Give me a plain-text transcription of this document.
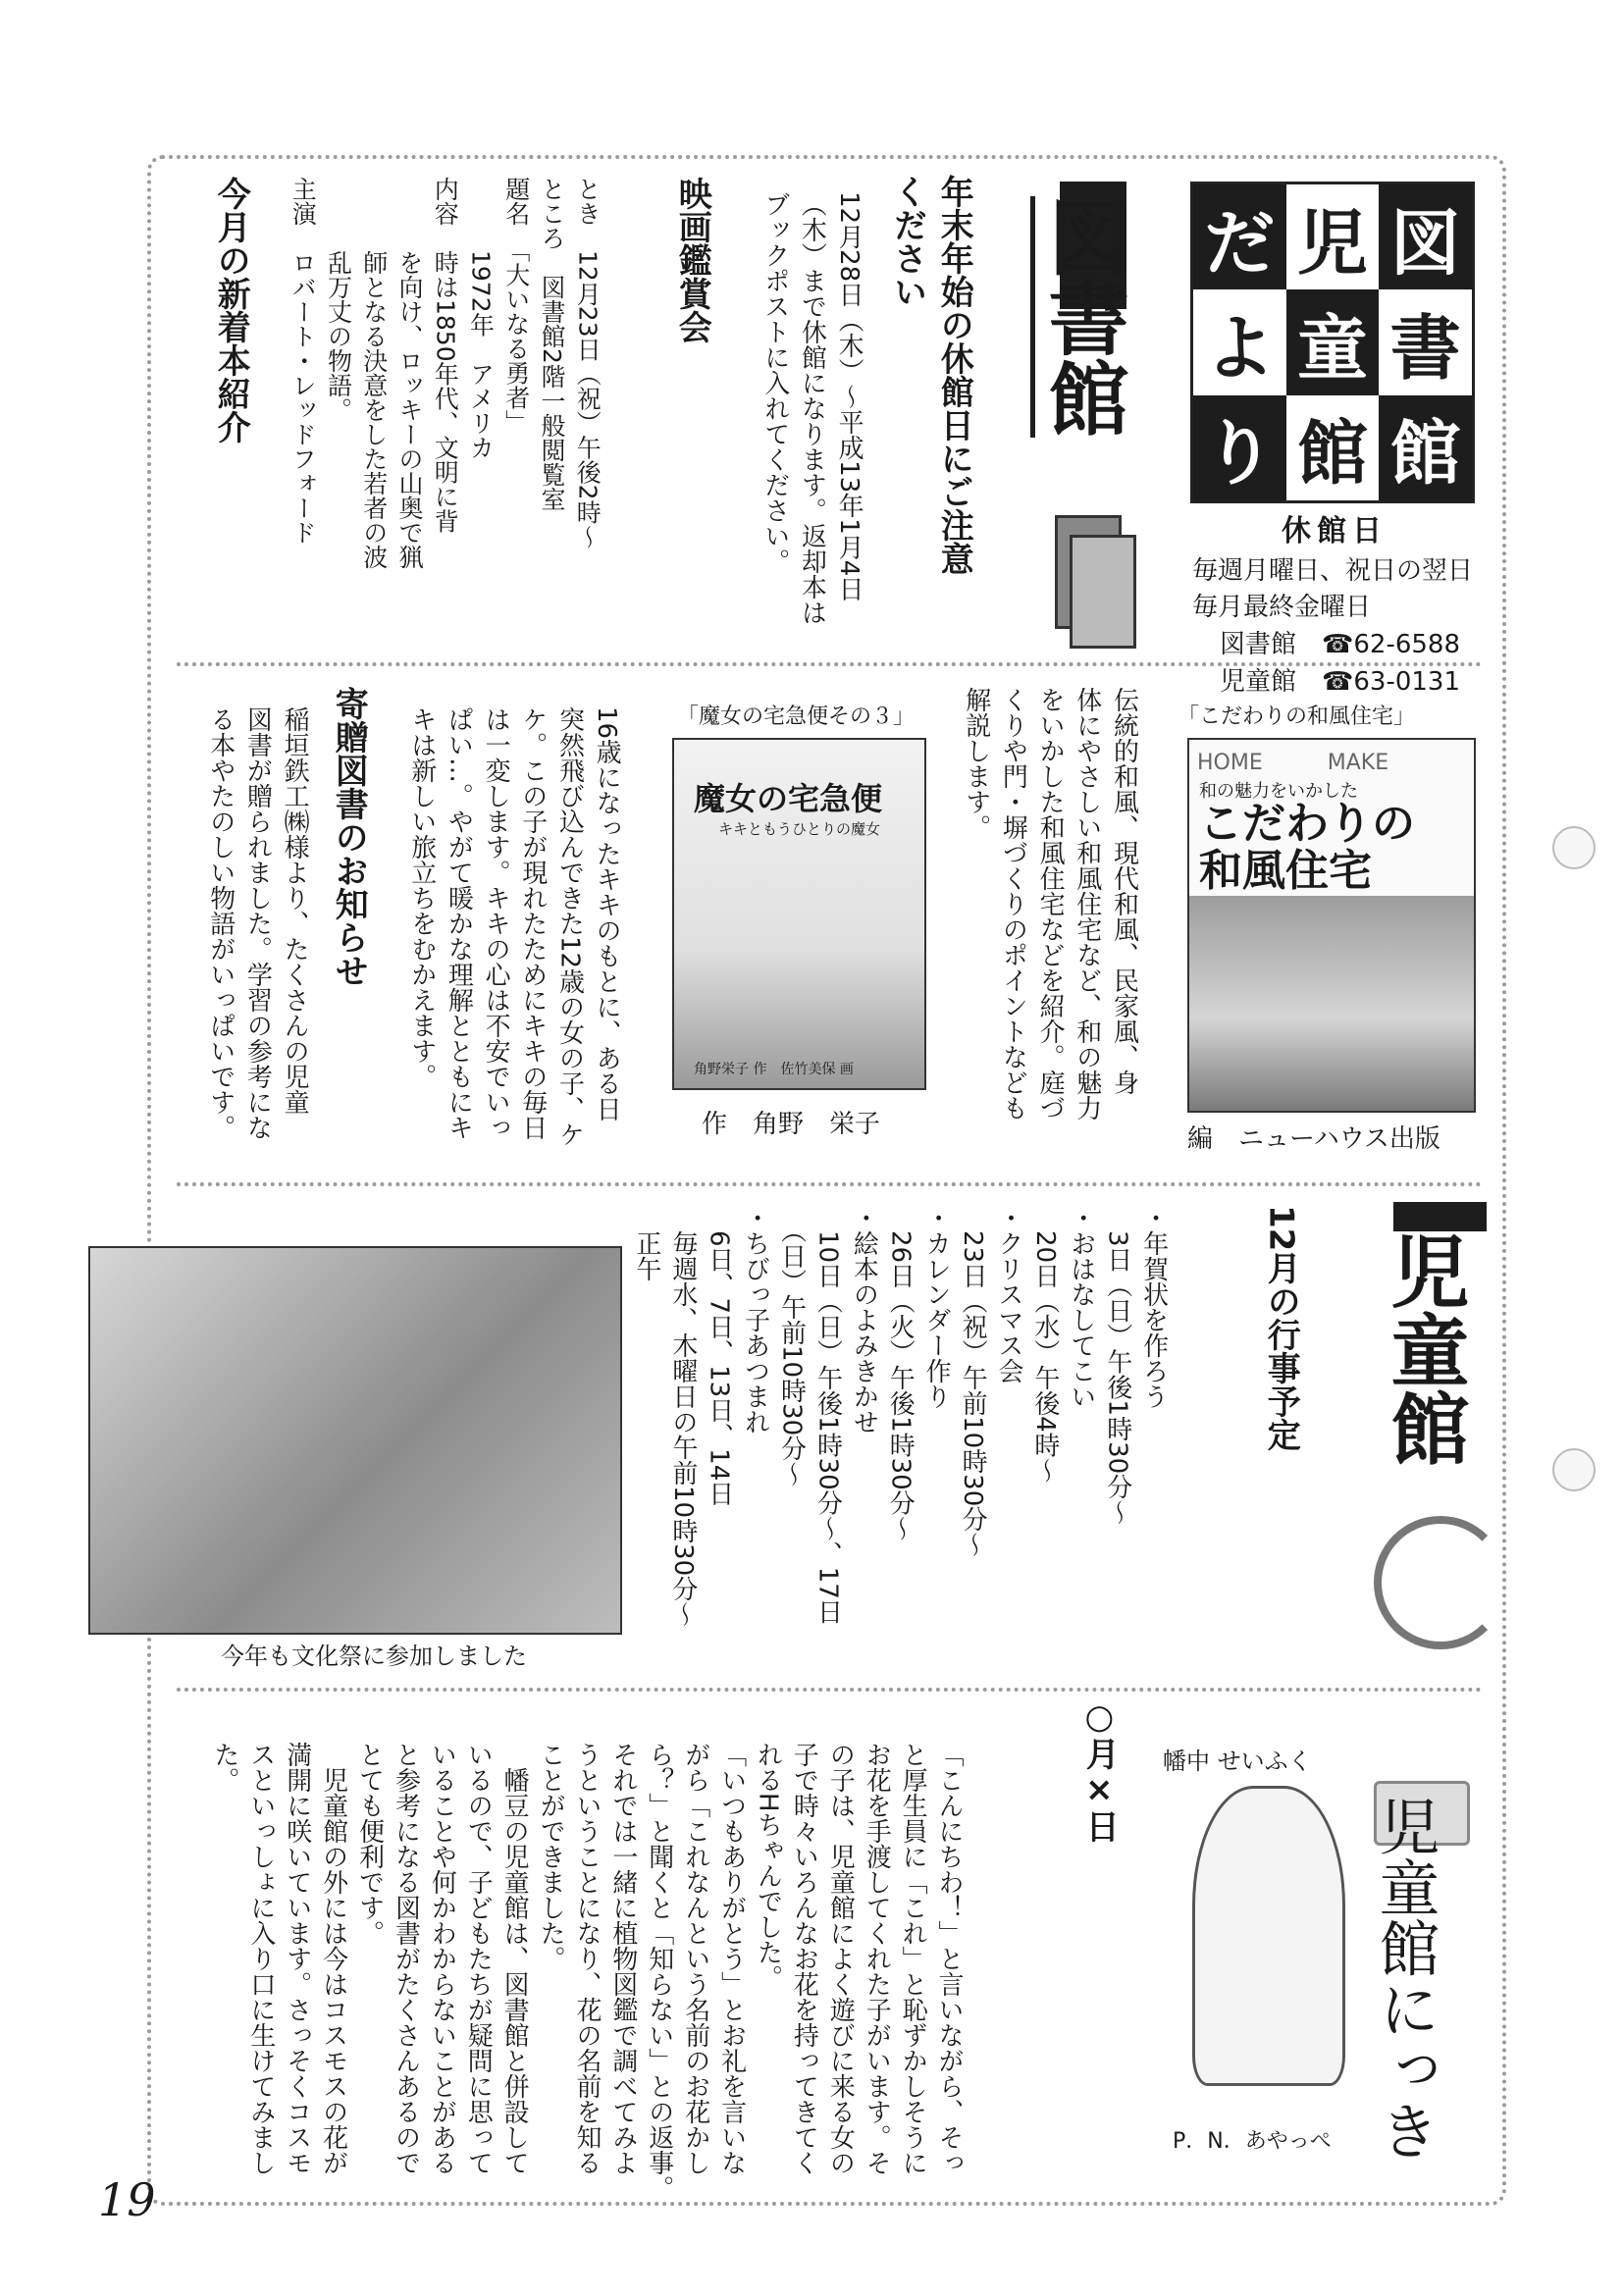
だ 児 図
よ 童 書
り 館 館
休館日
毎週月曜日、祝日の翌日
毎月最終金曜日
図書館　☎62-6588
児童館　☎63-0131
図書館
年末年始の休館日にご注意
ください
12月28日（木）〜平成13年1月4日
（木）まで休館になります。返却本は
ブックポストに入れてください。
映画鑑賞会
とき　12月23日（祝）午後2時〜
ところ　図書館2階一般閲覧室
題名　「大いなる勇者」
　　　1972年　アメリカ
内容　時は1850年代、文明に背
　　　を向け、ロッキーの山奥で猟
　　　師となる決意をした若者の波
　　　乱万丈の物語。
主演　ロバート・レッドフォード
今月の新着本紹介
「こだわりの和風住宅」
HOME　　　MAKE
和の魅力をいかした
こだわりの
和風住宅
編　ニューハウス出版
伝統的和風、現代和風、民家風、身
体にやさしい和風住宅など、和の魅力
をいかした和風住宅などを紹介。庭づ
くりや門・塀づくりのポイントなども
解説します。
「魔女の宅急便その３」
魔女の宅急便
キキともうひとりの魔女
角野栄子 作　佐竹美保 画
作　角野　栄子
16歳になったキキのもとに、ある日
突然飛び込んできた12歳の女の子、ケ
ケ。この子が現れたためにキキの毎日
は一変します。キキの心は不安でいっ
ぱい…。やがて暖かな理解とともにキ
キは新しい旅立ちをむかえます。
寄贈図書のお知らせ
稲垣鉄工㈱様より、たくさんの児童
図書が贈られました。学習の参考にな
る本やたのしい物語がいっぱいです。
児童館
12月の行事予定
・年賀状を作ろう
　3日（日）午後1時30分〜
・おはなしてこい
　20日（水）午後4時〜
・クリスマス会
　23日（祝）午前10時30分〜
・カレンダー作り
　26日（火）午後1時30分〜
・絵本のよみきかせ
　10日（日）午後1時30分〜、17日
　（日）午前10時30分〜
・ちびっ子あつまれ
　6日、7日、13日、14日
　毎週水、木曜日の午前10時30分〜
　正午
今年も文化祭に参加しました
児童館にっき
幡中 せいふく
P．N．あやっぺ
○月×日
「こんにちわ！」と言いながら、そっ
と厚生員に「これ」と恥ずかしそうに
お花を手渡してくれた子がいます。そ
の子は、児童館によく遊びに来る女の
子で時々いろんなお花を持ってきてく
れるHちゃんでした。
「いつもありがとう」とお礼を言いな
がら「これなんという名前のお花かし
ら？」と聞くと「知らない」との返事。
それでは一緒に植物図鑑で調べてみよ
うということになり、花の名前を知る
ことができました。
　幡豆の児童館は、図書館と併設して
いるので、子どもたちが疑問に思って
いることや何かわからないことがある
と参考になる図書がたくさんあるので
とても便利です。
　児童館の外には今はコスモスの花が
満開に咲いています。さっそくコスモ
スといっしょに入り口に生けてみまし
た。
19
